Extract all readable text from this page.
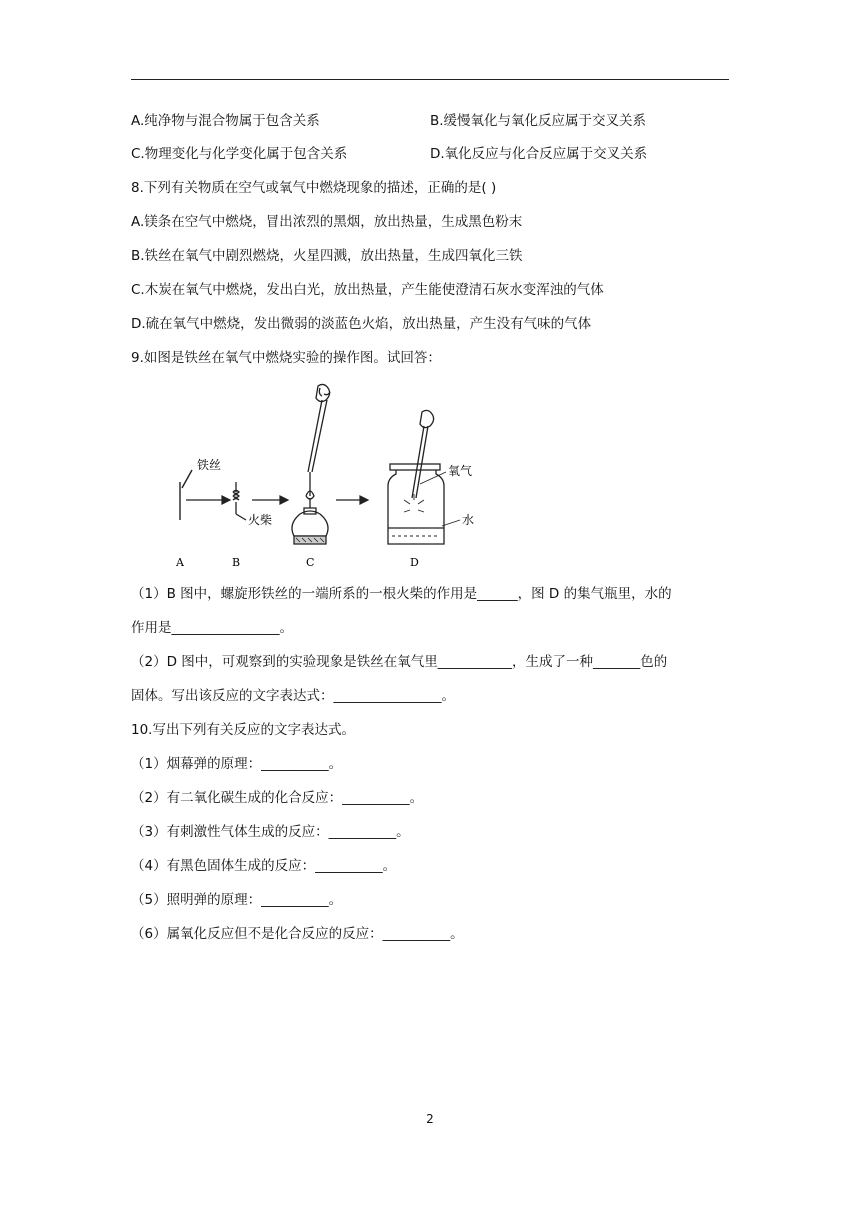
A.纯净物与混合物属于包含关系	B.缓慢氧化与氧化反应属于交叉关系
C.物理变化与化学变化属于包含关系	D.氧化反应与化合反应属于交叉关系
8.下列有关物质在空气或氧气中燃烧现象的描述，正确的是( )
A.镁条在空气中燃烧，冒出浓烈的黑烟，放出热量，生成黑色粉末
B.铁丝在氧气中剧烈燃烧，火星四溅，放出热量，生成四氧化三铁
C.木炭在氧气中燃烧，发出白光，放出热量，产生能使澄清石灰水变浑浊的气体
D.硫在氧气中燃烧，发出微弱的淡蓝色火焰，放出热量，产生没有气味的气体
9.如图是铁丝在氧气中燃烧实验的操作图。试回答：
铁丝
火柴
氧气
水
A	B	C	D
（1）B 图中，螺旋形铁丝的一端所系的一根火柴的作用是______，图 D 的集气瓶里，水的
作用是________________。
（2）D 图中，可观察到的实验现象是铁丝在氧气里___________，生成了一种_______色的
固体。写出该反应的文字表达式：________________。
10.写出下列有关反应的文字表达式。
（1）烟幕弹的原理：__________。
（2）有二氧化碳生成的化合反应：__________。
（3）有刺激性气体生成的反应：__________。
（4）有黑色固体生成的反应：__________。
（5）照明弹的原理：__________。
（6）属氧化反应但不是化合反应的反应：__________。
2
